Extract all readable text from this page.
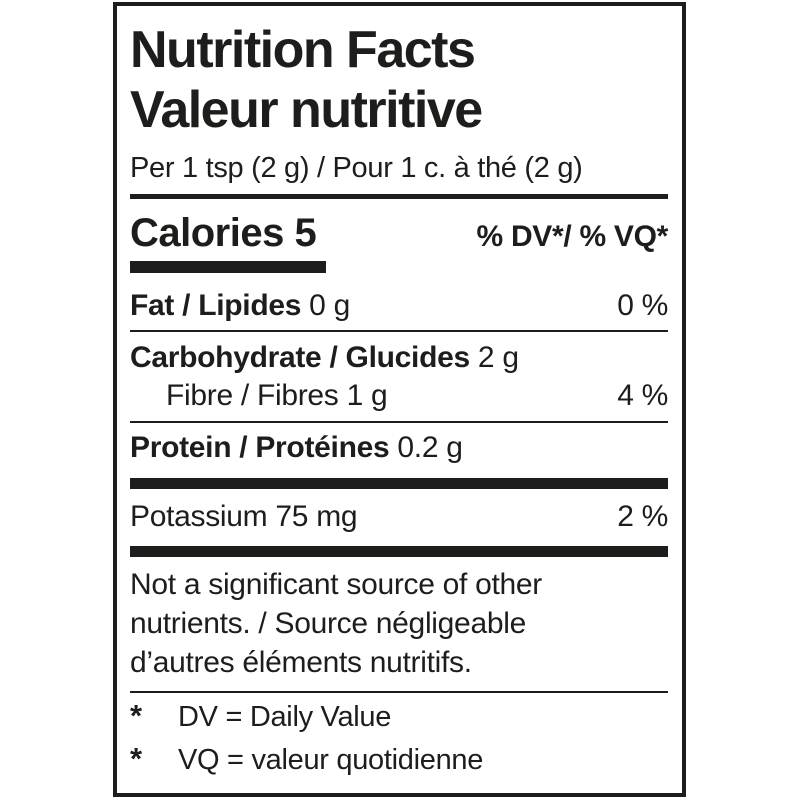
Nutrition Facts
Valeur nutritive
Per 1 tsp (2 g) / Pour 1 c. à thé (2 g)
Calories 5	% DV*/ % VQ*
Fat / Lipides 0 g	0 %
Carbohydrate / Glucides 2 g
Fibre / Fibres 1 g	4 %
Protein / Protéines 0.2 g
Potassium 75 mg	2 %
Not a significant source of other
nutrients. / Source négligeable
d’autres éléments nutritifs.
*	DV = Daily Value
*	VQ = valeur quotidienne
